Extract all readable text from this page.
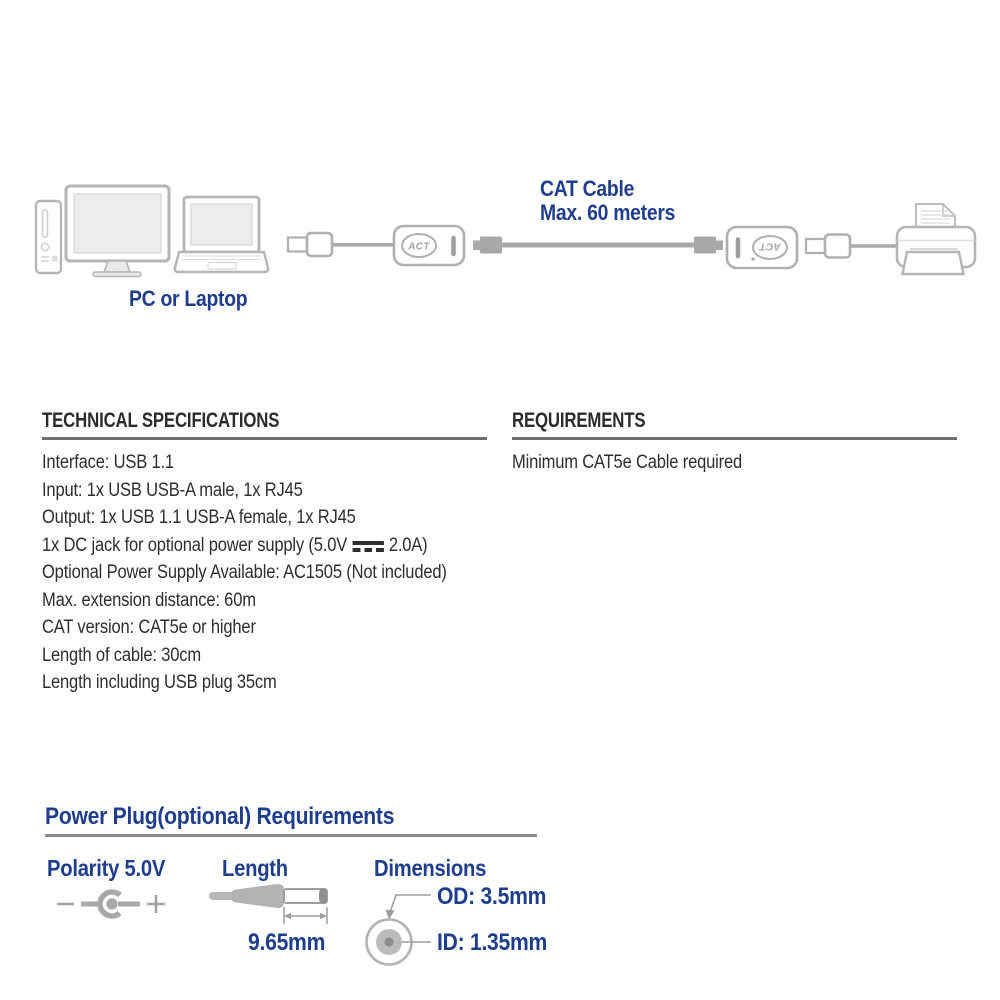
ACT	ACT
PC or Laptop
CAT Cable
Max. 60 meters
TECHNICAL SPECIFICATIONS
Interface: USB 1.1
Input: 1x USB USB-A male, 1x RJ45
Output: 1x USB 1.1 USB-A female, 1x RJ45
1x DC jack for optional power supply (5.0V 2.0A)
Optional Power Supply Available: AC1505 (Not included)
Max. extension distance: 60m
CAT version: CAT5e or higher
Length of cable: 30cm
Length including USB plug 35cm
REQUIREMENTS
Minimum CAT5e Cable required
Power Plug(optional) Requirements
Polarity 5.0V Length	Dimensions
9.65mm
OD: 3.5mm
ID: 1.35mm
